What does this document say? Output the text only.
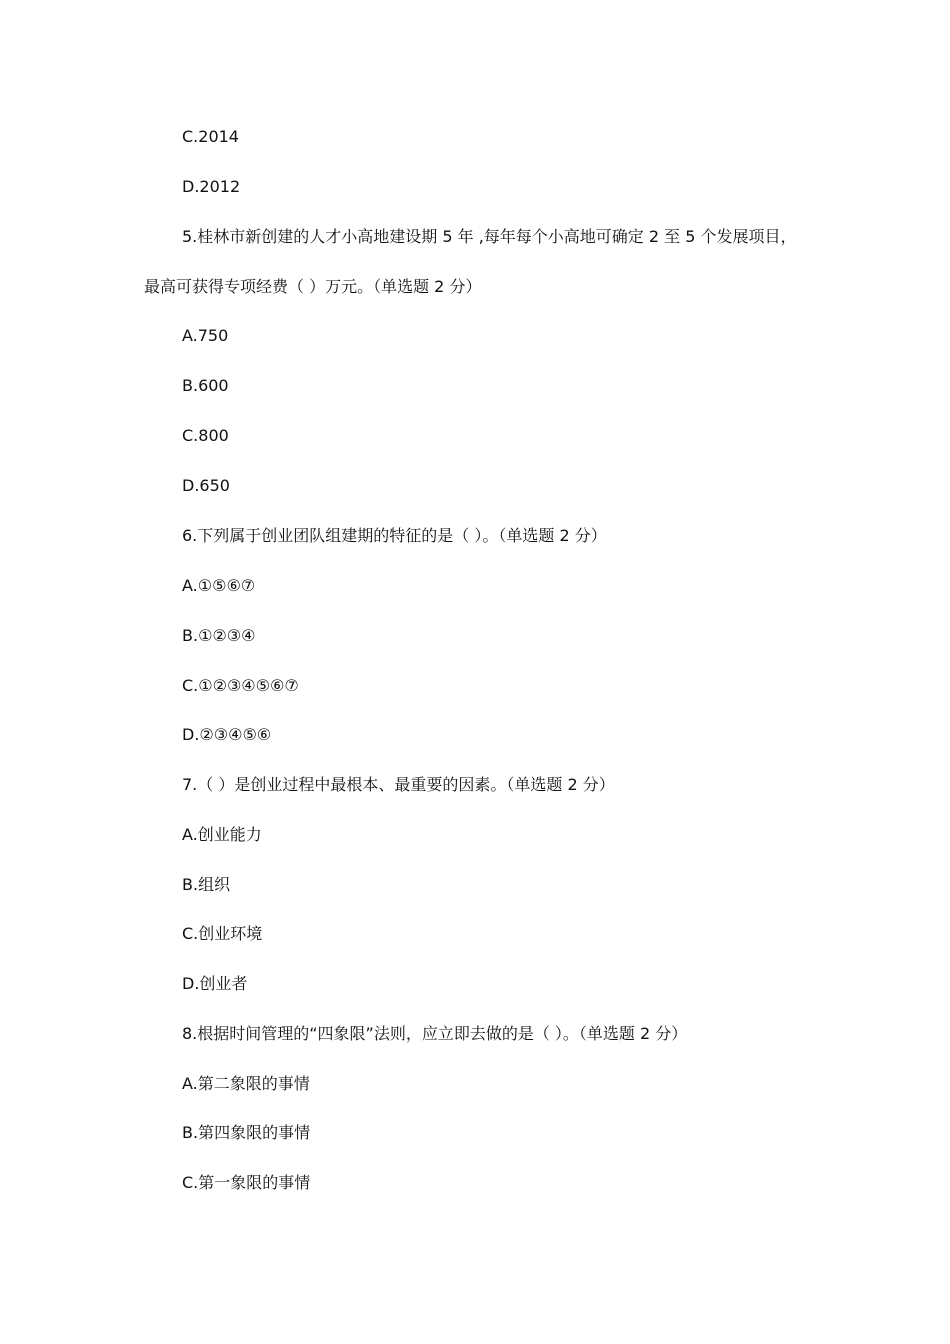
C.2014
D.2012
5.桂林市新创建的人才小高地建设期 5 年 ,每年每个小高地可确定 2 至 5 个发展项目，
最高可获得专项经费（ ）万元。（单选题 2 分）
A.750
B.600
C.800
D.650
6.下列属于创业团队组建期的特征的是（ ）。（单选题 2 分）
A.①⑤⑥⑦
B.①②③④
C.①②③④⑤⑥⑦
D.②③④⑤⑥
7.（ ）是创业过程中最根本、最重要的因素。（单选题 2 分）
A.创业能力
B.组织
C.创业环境
D.创业者
8.根据时间管理的“四象限”法则，应立即去做的是（ ）。（单选题 2 分）
A.第二象限的事情
B.第四象限的事情
C.第一象限的事情
